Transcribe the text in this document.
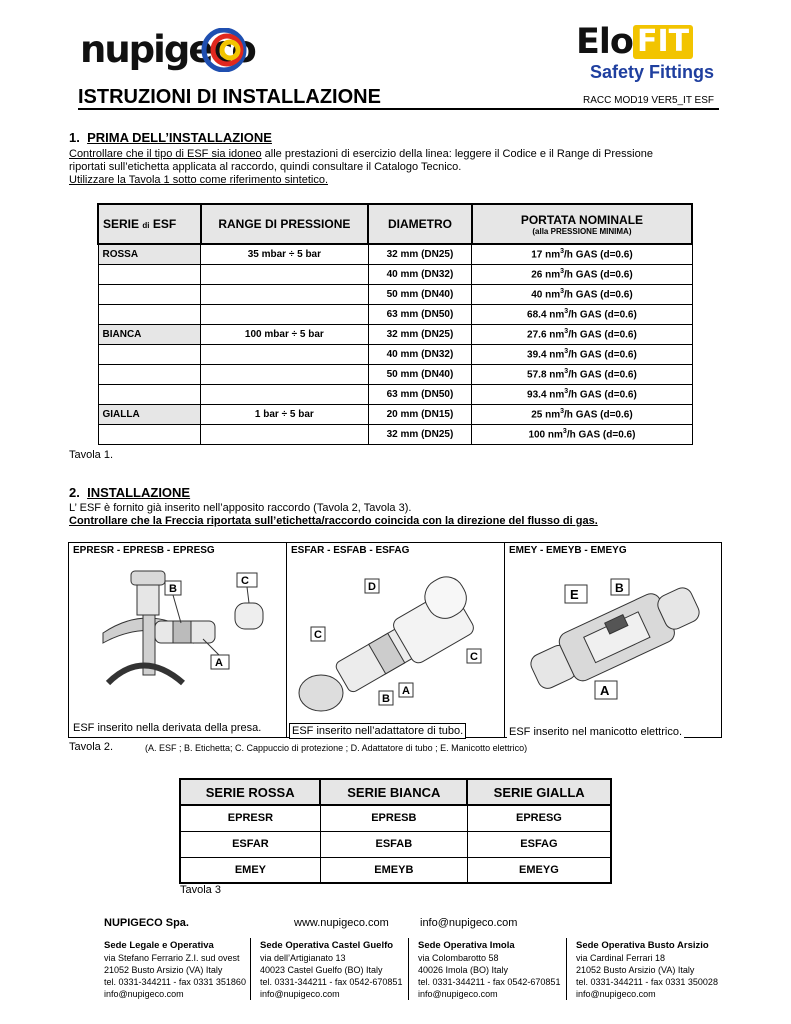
nupigeco	Elo FIT
Safety Fittings
ISTRUZIONI DI INSTALLAZIONE	RACC MOD19 VER5_IT ESF
1. PRIMA DELL’INSTALLAZIONE
Controllare che il tipo di ESF sia idoneo alle prestazioni di esercizio della linea: leggere il Codice e il Range di Pressione
riportati sull’etichetta applicata al raccordo, quindi consultare il Catalogo Tecnico.
Utilizzare la Tavola 1 sotto come riferimento sintetico.
SERIE di ESF	RANGE DI PRESSIONE	DIAMETRO	PORTATA NOMINALE
(alla PRESSIONE MINIMA)

ROSSA	35 mbar ÷ 5 bar	32 mm (DN25)	17 $nm^3/h$ GAS (d=0.6)
		40 mm (DN32)	26 $nm^3/h$ GAS (d=0.6)
		50 mm (DN40)	40 $nm^3/h$ GAS (d=0.6)
		63 mm (DN50)	68.4 $nm^3/h$ GAS (d=0.6)
BIANCA	100 mbar ÷ 5 bar	32 mm (DN25)	27.6 $nm^3/h$ GAS (d=0.6)
		40 mm (DN32)	39.4 $nm^3/h$ GAS (d=0.6)
		50 mm (DN40)	57.8 $nm^3/h$ GAS (d=0.6)
		63 mm (DN50)	93.4 $nm^3/h$ GAS (d=0.6)
GIALLA	1 bar ÷ 5 bar	20 mm (DN15)	25 $nm^3/h$ GAS (d=0.6)
		32 mm (DN25)	100 $nm^3/h$ GAS (d=0.6)
Tavola 1.
2. INSTALLAZIONE
L’ ESF è fornito già inserito nell’apposito raccordo (Tavola 2, Tavola 3).
Controllare che la Freccia riportata sull’etichetta/raccordo coincida con la direzione del flusso di gas.
EPRESR - EPRESB - EPRESG
C
B
A
ESF inserito nella derivata della presa.
ESFAR - ESFAB - ESFAG
D
C
C
A
B
ESF inserito nell’adattatore di tubo.
EMEY - EMEYB - EMEYG
E	B
A
ESF inserito nel manicotto elettrico.
Tavola 2.	(A. ESF ; B. Etichetta; C. Cappuccio di protezione ; D. Adattatore di tubo ; E. Manicotto elettrico)
SERIE ROSSA	SERIE BIANCA	SERIE GIALLA
EPRESR	EPRESB	EPRESG
ESFAR	ESFAB	ESFAG
EMEY	EMEYB	EMEYG
Tavola 3
NUPIGECO Spa.	www.nupigeco.com	info@nupigeco.com
Sede Legale e Operativa
via Stefano Ferrario Z.I. sud ovest
21052 Busto Arsizio (VA) Italy
tel. 0331-344211 - fax 0331 351860
info@nupigeco.com
Sede Operativa Castel Guelfo
via dell’Artigianato 13
40023 Castel Guelfo (BO) Italy
tel. 0331-344211 - fax 0542-670851
info@nupigeco.com
Sede Operativa Imola
via Colombarotto 58
40026 Imola (BO) Italy
tel. 0331-344211 - fax 0542-670851
info@nupigeco.com
Sede Operativa Busto Arsizio
via Cardinal Ferrari 18
21052 Busto Arsizio (VA) Italy
tel. 0331-344211 - fax 0331 350028
info@nupigeco.com
